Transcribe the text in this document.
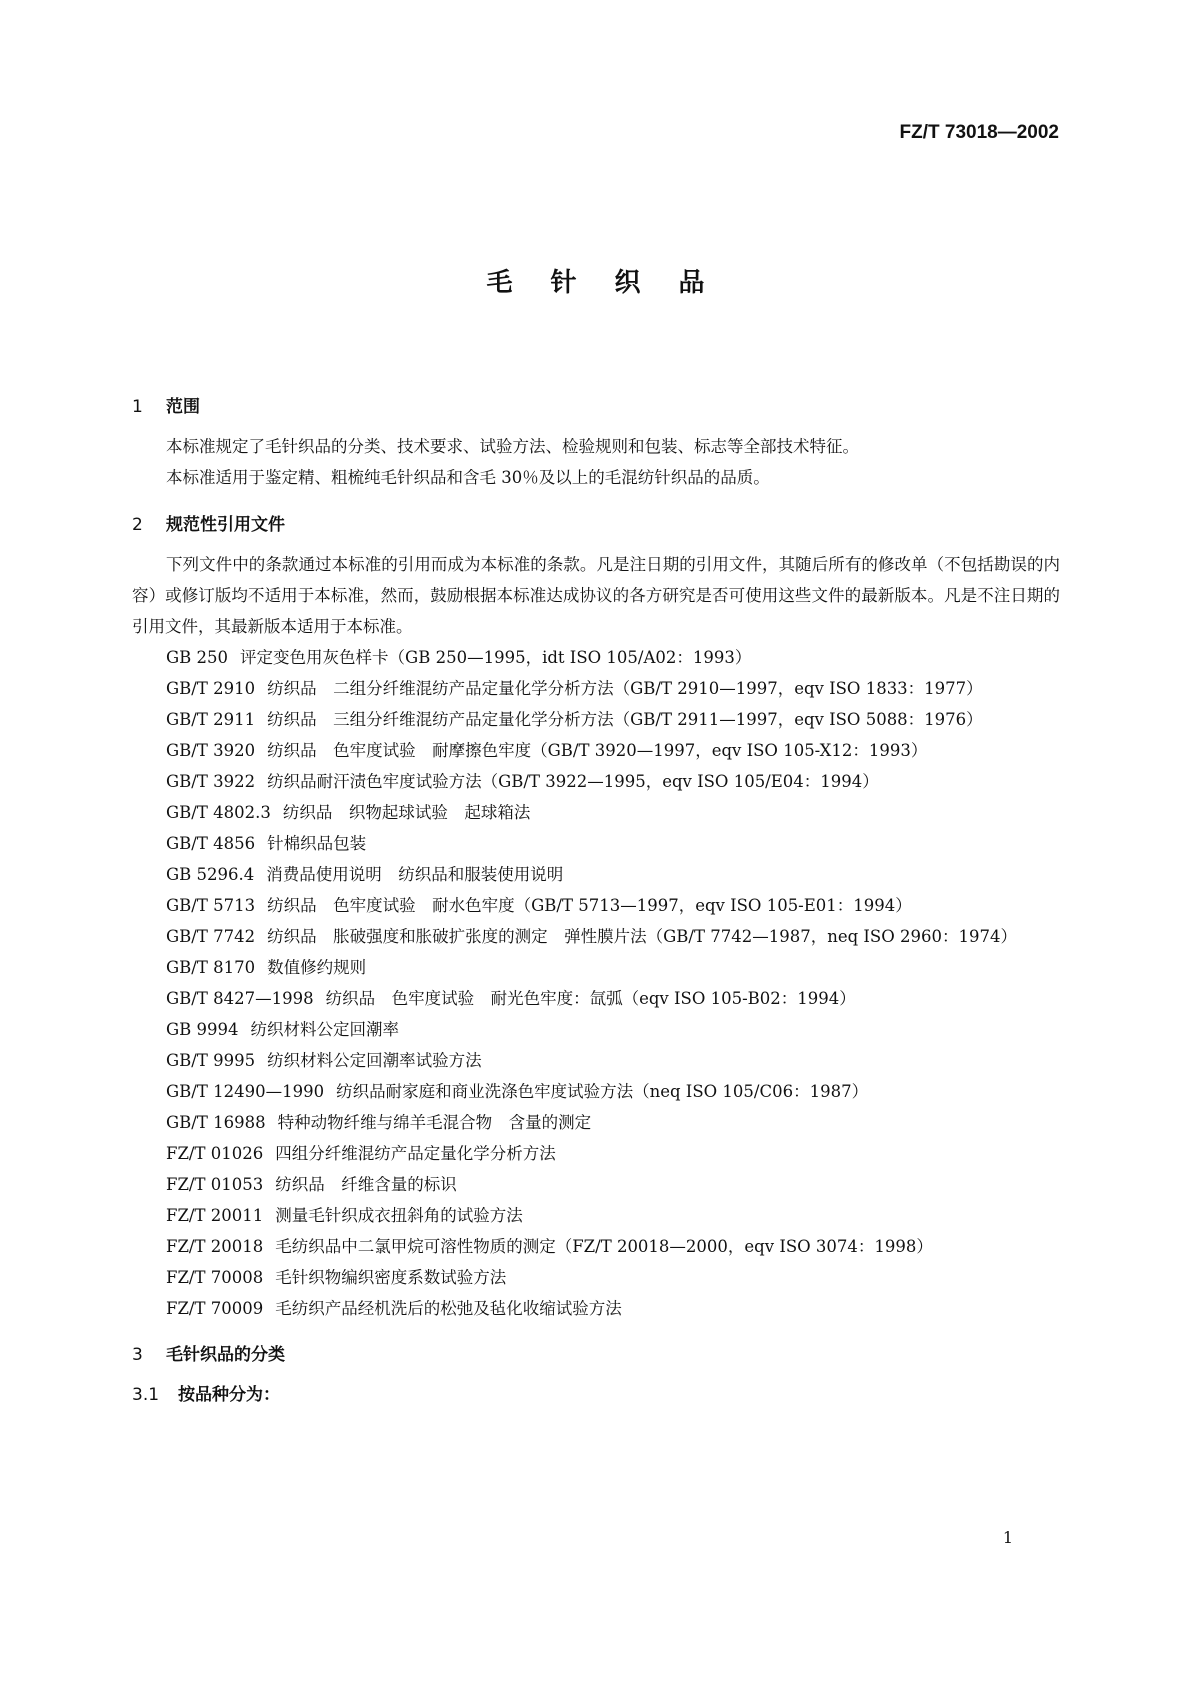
FZ/T 73018—2002
毛针织品

1 范围

本标准规定了毛针织品的分类、技术要求、试验方法、检验规则和包装、标志等全部技术特征。

本标准适用于鉴定精、粗梳纯毛针织品和含毛 30％及以上的毛混纺针织品的品质。

2 规范性引用文件

下列文件中的条款通过本标准的引用而成为本标准的条款。凡是注日期的引用文件，其随后所有的修改单（不包括勘误的内容）或修订版均不适用于本标准，然而，鼓励根据本标准达成协议的各方研究是否可使用这些文件的最新版本。凡是不注日期的引用文件，其最新版本适用于本标准。

GB 250 评定变色用灰色样卡（GB 250—1995，idt ISO 105/A02：1993）

GB/T 2910 纺织品　二组分纤维混纺产品定量化学分析方法（GB/T 2910—1997，eqv ISO 1833：1977）

GB/T 2911 纺织品　三组分纤维混纺产品定量化学分析方法（GB/T 2911—1997，eqv ISO 5088：1976）

GB/T 3920 纺织品　色牢度试验　耐摩擦色牢度（GB/T 3920—1997，eqv ISO 105-X12：1993）

GB/T 3922 纺织品耐汗渍色牢度试验方法（GB/T 3922—1995，eqv ISO 105/E04：1994）

GB/T 4802.3 纺织品　织物起球试验　起球箱法

GB/T 4856 针棉织品包装

GB 5296.4 消费品使用说明　纺织品和服装使用说明

GB/T 5713 纺织品　色牢度试验　耐水色牢度（GB/T 5713—1997，eqv ISO 105-E01：1994）

GB/T 7742 纺织品　胀破强度和胀破扩张度的测定　弹性膜片法（GB/T 7742—1987，neq ISO 2960：1974）

GB/T 8170 数值修约规则

GB/T 8427—1998 纺织品　色牢度试验　耐光色牢度：氙弧（eqv ISO 105-B02：1994）

GB 9994 纺织材料公定回潮率

GB/T 9995 纺织材料公定回潮率试验方法

GB/T 12490—1990 纺织品耐家庭和商业洗涤色牢度试验方法（neq ISO 105/C06：1987）

GB/T 16988 特种动物纤维与绵羊毛混合物　含量的测定

FZ/T 01026 四组分纤维混纺产品定量化学分析方法

FZ/T 01053 纺织品　纤维含量的标识

FZ/T 20011 测量毛针织成衣扭斜角的试验方法

FZ/T 20018 毛纺织品中二氯甲烷可溶性物质的测定（FZ/T 20018—2000，eqv ISO 3074：1998）

FZ/T 70008 毛针织物编织密度系数试验方法

FZ/T 70009 毛纺织产品经机洗后的松弛及毡化收缩试验方法

3 毛针织品的分类

3.1 按品种分为：

1
